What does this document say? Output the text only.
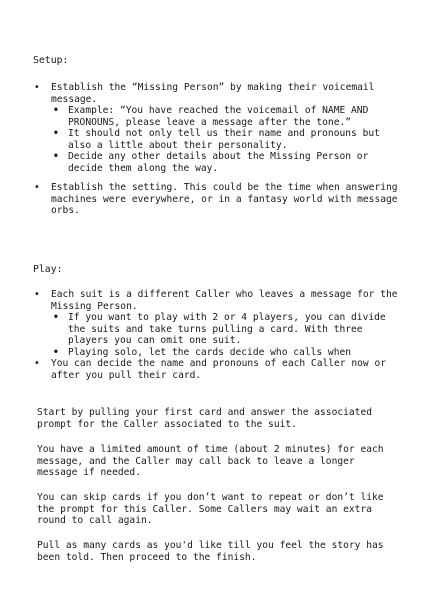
Setup:
• Establish the “Missing Person” by making their voicemail message.
• Example: “You have reached the voicemail of NAME AND PRONOUNS, please leave a message after the tone.”
• It should not only tell us their name and pronouns but also a little about their personality.
• Decide any other details about the Missing Person or decide them along the way.
• Establish the setting. This could be the time when answering machines were everywhere, or in a fantasy world with message orbs.
Play:
• Each suit is a different Caller who leaves a message for the Missing Person.
• If you want to play with 2 or 4 players, you can divide the suits and take turns pulling a card. With three players you can omit one suit.
• Playing solo, let the cards decide who calls when
• You can decide the name and pronouns of each Caller now or after you pull their card.

Start by pulling your first card and answer the associated prompt for the Caller associated to the suit.

You have a limited amount of time (about 2 minutes) for each message, and the Caller may call back to leave a longer message if needed.

You can skip cards if you don’t want to repeat or don’t like the prompt for this Caller. Some Callers may wait an extra round to call again.

Pull as many cards as you'd like till you feel the story has been told. Then proceed to the finish.
